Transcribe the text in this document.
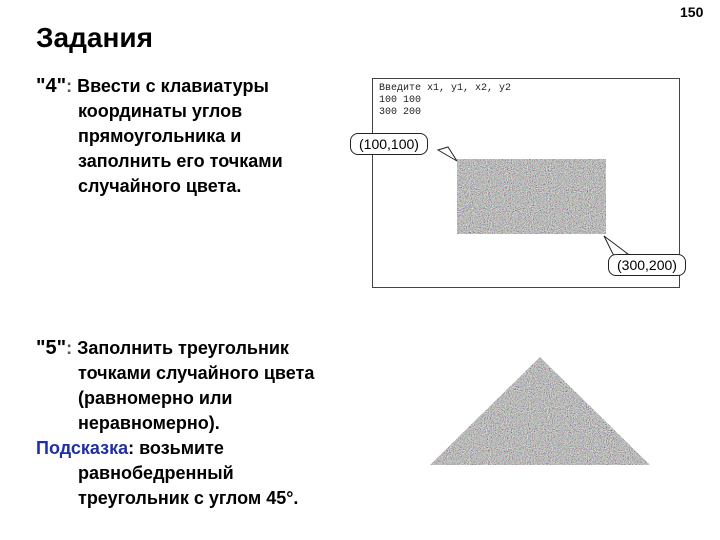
150
Задания
"4": Ввести с клавиатуры
координаты углов
прямоугольника и
заполнить его точками
случайного цвета.
Введите x1, y1, x2, y2
100 100
300 200
(100,100)
(300,200)
"5": Заполнить треугольник
точками случайного цвета
(равномерно или
неравномерно).
Подсказка: возьмите
равнобедренный
треугольник с углом 45°.
